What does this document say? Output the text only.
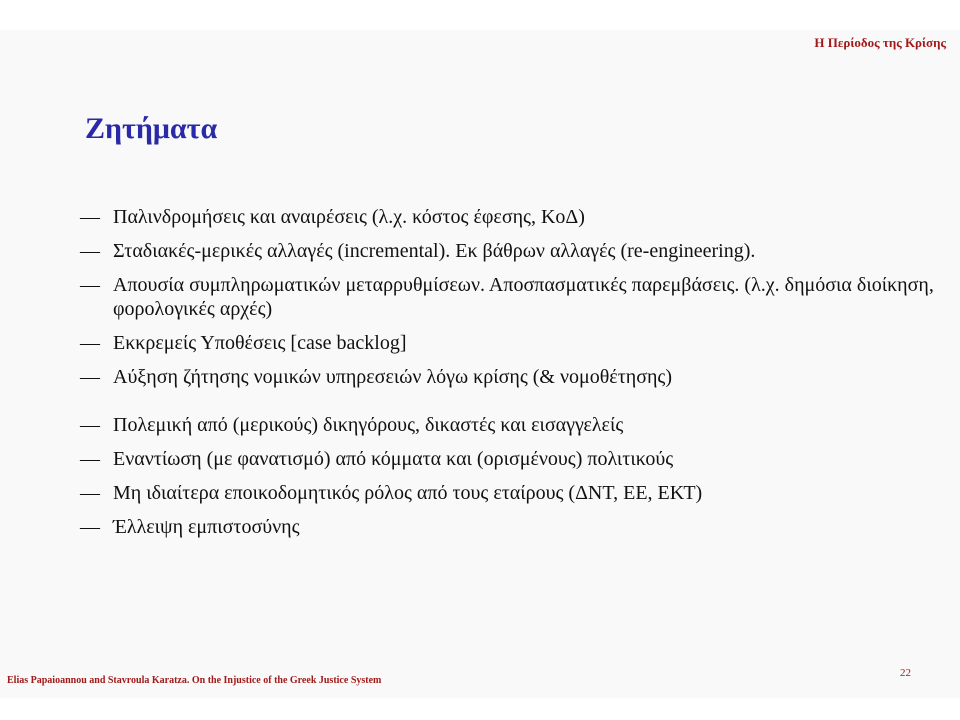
Η Περίοδος της Κρίσης
Ζητήματα
— Παλινδρομήσεις και αναιρέσεις (λ.χ. κόστος έφεσης, ΚοΔ)
— Σταδιακές-μερικές αλλαγές (incremental). Εκ βάθρων αλλαγές (re-engineering).
— Απουσία συμπληρωματικών μεταρρυθμίσεων. Αποσπασματικές παρεμβάσεις. (λ.χ. δημόσια διοίκηση, φορολογικές αρχές)
— Εκκρεμείς Υποθέσεις [case backlog]
— Αύξηση ζήτησης νομικών υπηρεσειών λόγω κρίσης (& νομοθέτησης)
— Πολεμική από (μερικούς) δικηγόρους, δικαστές και εισαγγελείς
— Εναντίωση (με φανατισμό) από κόμματα και (ορισμένους) πολιτικούς
— Μη ιδιαίτερα εποικοδομητικός ρόλος από τους εταίρους (ΔΝΤ, ΕΕ, ΕΚΤ)
— Έλλειψη εμπιστοσύνης
Elias Papaioannou and Stavroula Karatza. On the Injustice of the Greek Justice System
22
